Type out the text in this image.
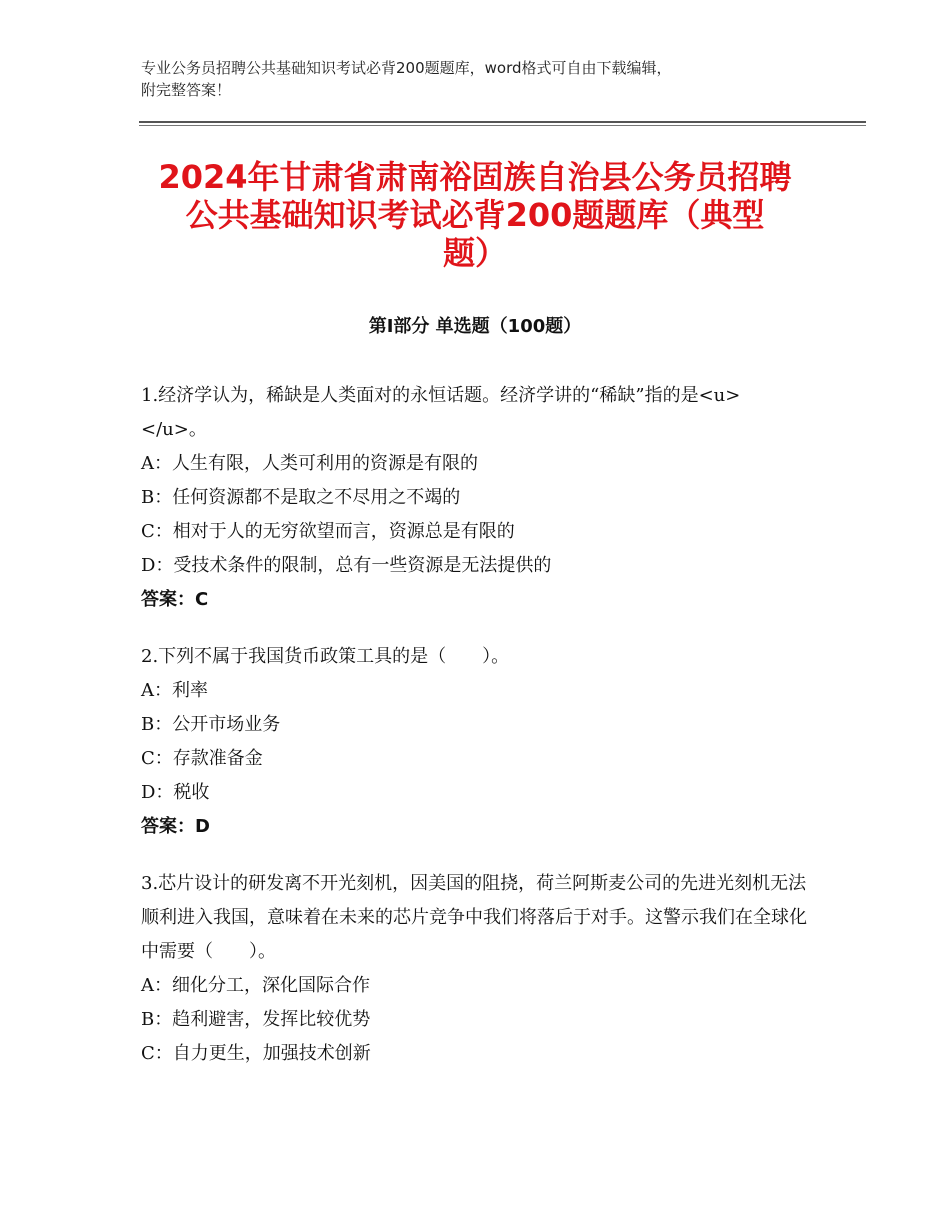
专业公务员招聘公共基础知识考试必背200题题库，word格式可自由下载编辑，
附完整答案！
2024年甘肃省肃南裕固族自治县公务员招聘
公共基础知识考试必背200题题库（典型
题）
第Ⅰ部分 单选题（100题）
1.经济学认为，稀缺是人类面对的永恒话题。经济学讲的“稀缺”指的是<u>      </u>。
A：人生有限，人类可利用的资源是有限的
B：任何资源都不是取之不尽用之不竭的
C：相对于人的无穷欲望而言，资源总是有限的
D：受技术条件的限制，总有一些资源是无法提供的
答案：C
2.下列不属于我国货币政策工具的是（　　）。
A：利率
B：公开市场业务
C：存款准备金
D：税收
答案：D
3.芯片设计的研发离不开光刻机，因美国的阻挠，荷兰阿斯麦公司的先进光刻机无法顺利进入我国，意味着在未来的芯片竞争中我们将落后于对手。这警示我们在全球化中需要（　　）。
A：细化分工，深化国际合作
B：趋利避害，发挥比较优势
C：自力更生，加强技术创新
